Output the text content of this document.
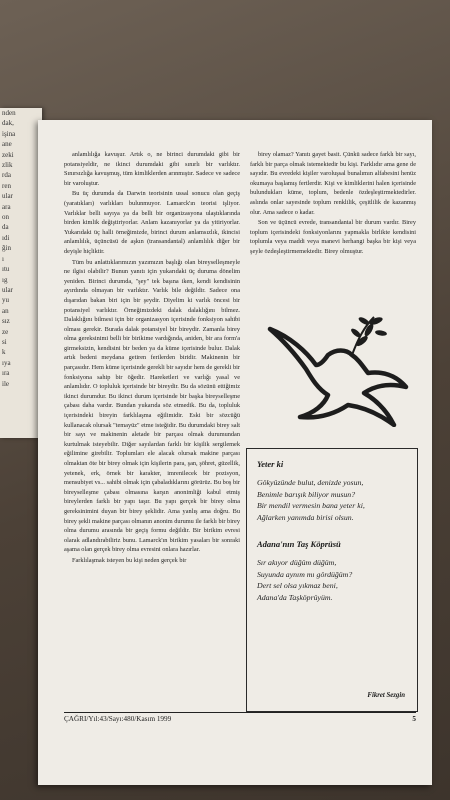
nden
dak,
işina
ane
zeki
zlik
rda
ren
ular
ara
on
da
ıdi
ğin
ı
ıtu
ıg
ular
yu
an
sız
ze
si
k
ıya
ıra
ile

anlamlılığa kavuşur. Artık o, ne birinci durumdaki gibi bir potansiyeldir, ne ikinci durumdaki gibi sınırlı bir varlıktır. Sınırsızlığa kavuşmuş, tüm kimliklerden arınmıştır. Sadece ve sadece bir varoluştur.

Bu üç durumda da Darwin teorisinin ussal sonucu olan geçiş (yaratıkları) varlıkları bulunmuyor. Lamarck'ın teorisi işliyor. Varlıklar belli sayıya ya da belli bir organizasyona ulaştıklarında birden kimlik değiştiriyorlar. Anlam kazanıyorlar ya da yitiriyorlar. Yukarıdaki üç halli örneğimizde, birinci durum anlamsızlık, ikincisi anlamlılık, üçüncüsü de aşkın (transandantal) anlamlılık diğer bir deyişle hiçliktir.

Tüm bu anlattıklarımızın yazımızın başlığı olan bireyselleşmeyle ne ilgisi olabilir? Bunun yanıtı için yukarıdaki üç duruma dönelim yeniden. Birinci durumda, "şey" tek başına iken, kendi kendisinin ayırdında olmayan bir varlıktır. Varlık bile değildir. Sadece ona dışarıdan bakan biri için bir şeydir. Diyelim ki varlık öncesi bir potansiyel varlıktır. Örneğimizdeki dalak dalaklığını bilmez. Dalaklığını bilmesi için bir organizasyon içerisinde fonksiyon sahibi olması gerekir. Burada dalak potansiyel bir bireydir. Zamanla birey olma gereksinimi belli bir birikime vardığında, aniden, bir ara form'a girmeksizin, kendisini bir beden ya da küme içerisinde bulur. Dalak artık bedeni meydana getiren ferilerden biridir. Makinenin bir parçasıdır. Hem küme içerisinde gerekli bir sayıdır hem de gerekli bir fonksiyona sahip bir öğedir. Hareketleri ve varlığı yasal ve anlamlıdır. O topluluk içerisinde bir bireydir. Bu da sözünü ettiğimiz ikinci durumdur. Bu ikinci durum içerisinde bir başka bireyselleşme çabası daha vardır. Bundan yukarıda söz etmedik. Bu da, topluluk içerisindeki bireyin farklılaşma eğilimidir. Eski bir sözcüğü kullanacak olursak "temayüz" etme isteğidir. Bu durumdaki birey salt bir sayı ve makinenin aletade bir parçası olmak durumundan kurtulmak isteyebilir. Diğer sayılardan farklı bir kişilik sergilemek eğilimine girebilir. Toplumları ele alacak olursak makine parçası olmaktan öte bir birey olmak için kişilerin para, şan, şöhret, güzellik, yetenek, erk, örnek bir karakter, imrenilecek bir pozisyon, mensubiyet vs... sahibi olmak için çabaladıklarını görürüz. Bu boş bir bireyselleşme çabası olmasına karşın anonimliği kabul etmiş bireylerden farklı bir yapı taşır. Bu yapı gerçek bir birey olma gereksinimini duyan bir birey şeklidir. Ama yanlış ama doğru. Bu birey şekli makine parçası olmanın anonim durumu ile farklı bir birey olma durumu arasında bir geçiş formu değildir. Bir birikim evresi olarak adlandırabiliriz bunu. Lamarck'ın birikim yasaları bir sonraki aşama olan gerçek birey olma evresini onlara hazırlar.

Farklılaşmak isteyen bu kişi neden gerçek bir

birey olamaz? Yanıtı gayet basit. Çünkü sadece farklı bir sayı, farklı bir parça olmak istemektedir bu kişi. Farklıdır ama gene de sayıdır. Bu evredeki kişiler varoluşsal bunalımın alfabesini henüz okumaya başlamış fertlerdir. Kişi ve kimliklerini halen içerisinde bulundukları küme, toplum, bedenle özdeşleştirmektedirler. aslında onlar sayesinde toplum renklilik, çeşitlilik de kazanmış olur. Ama sadece o kadar.

Son ve üçüncü evrede, transandantal bir durum vardır. Birey toplum içerisindeki fonksiyonlarını yapmakla birlikte kendisini toplumla veya maddi veya manevi herhangi başka bir kişi veya şeyle özdeşleştirmemektedir. Birey olmuştur.

Yeter ki
Gökyüzünde bulut, denizde yosun,
Benimle barışık biliyor musun?
Bir mendil vermesin bana yeter ki,
Ağlarken yanımda birisi olsun.
Adana'nın Taş Köprüsü
Sır akıyor düğüm düğüm,
Suyunda aynım mı gördüğüm?
Dert sel olsa yıkmaz beni,
Adana'da Taşköprüyüm.
Fikret Sezgin
ÇAĞRI/Yıl:43/Sayı:480/Kasım 1999	5
